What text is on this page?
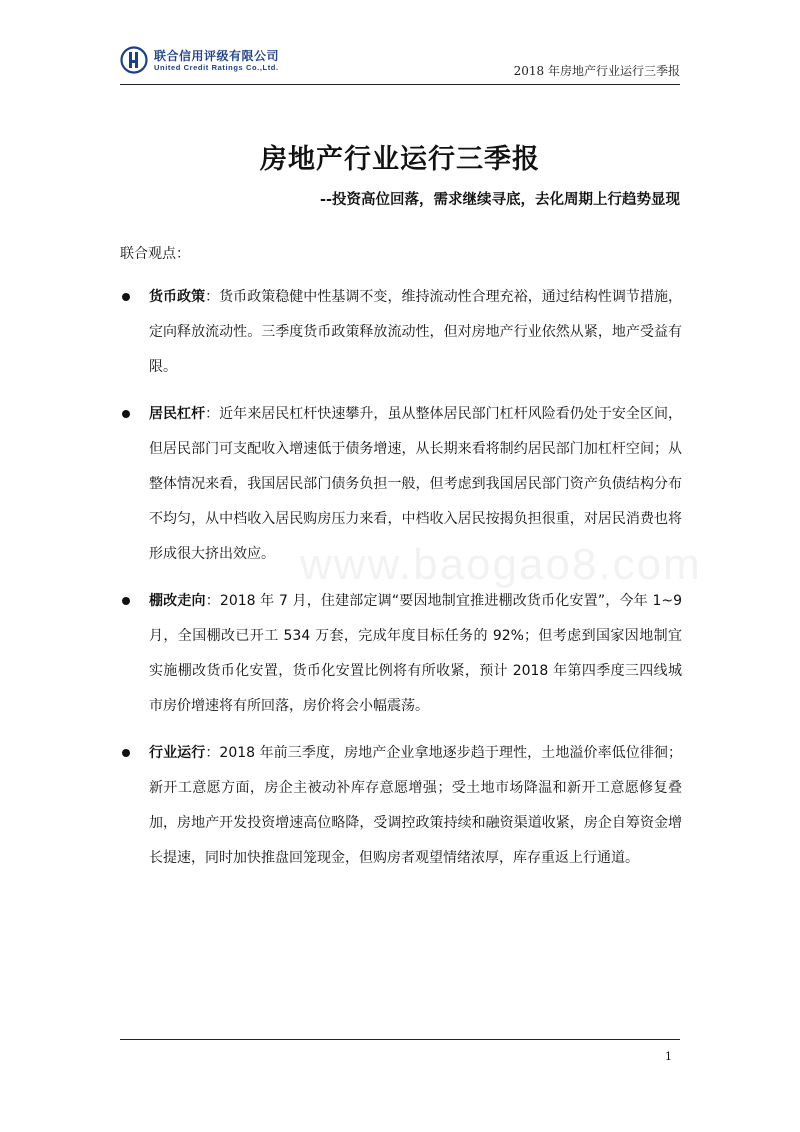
联合信用评级有限公司
United Credit Ratings Co.,Ltd.	2018 年房地产行业运行三季报
www.baogao8.com
房地产行业运行三季报
--投资高位回落，需求继续寻底，去化周期上行趋势显现
联合观点：
货币政策：货币政策稳健中性基调不变，维持流动性合理充裕，通过结构性调节措施，定向释放流动性。三季度货币政策释放流动性，但对房地产行业依然从紧，地产受益有限。
居民杠杆：近年来居民杠杆快速攀升，虽从整体居民部门杠杆风险看仍处于安全区间，但居民部门可支配收入增速低于债务增速，从长期来看将制约居民部门加杠杆空间；从整体情况来看，我国居民部门债务负担一般，但考虑到我国居民部门资产负债结构分布不均匀，从中档收入居民购房压力来看，中档收入居民按揭负担很重，对居民消费也将形成很大挤出效应。
棚改走向：2018 年 7 月，住建部定调“要因地制宜推进棚改货币化安置”，今年 1~9 月，全国棚改已开工 534 万套，完成年度目标任务的 92%；但考虑到国家因地制宜实施棚改货币化安置，货币化安置比例将有所收紧，预计 2018 年第四季度三四线城市房价增速将有所回落，房价将会小幅震荡。
行业运行：2018 年前三季度，房地产企业拿地逐步趋于理性，土地溢价率低位徘徊；新开工意愿方面，房企主被动补库存意愿增强；受土地市场降温和新开工意愿修复叠加，房地产开发投资增速高位略降，受调控政策持续和融资渠道收紧，房企自筹资金增长提速，同时加快推盘回笼现金，但购房者观望情绪浓厚，库存重返上行通道。
1
